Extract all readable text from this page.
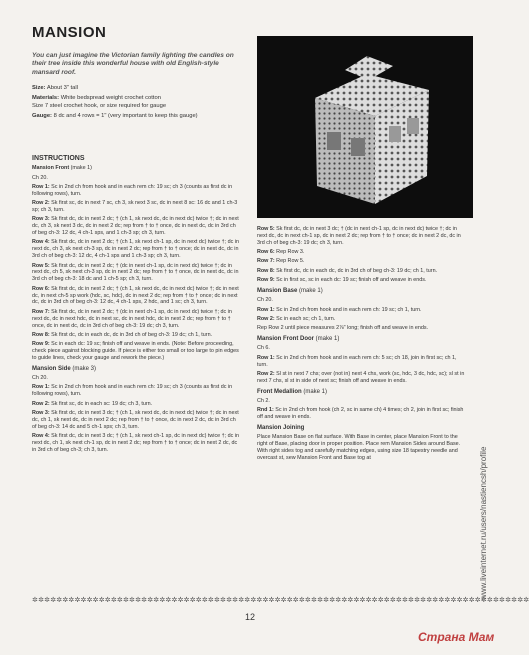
MANSION
You can just imagine the Victorian family lighting the candles on their tree inside this wonderful house with old English-style mansard roof.

Size: About 3" tall

Materials: White bedspread weight crochet cotton
Size 7 steel crochet hook, or size required for gauge

Gauge: 8 dc and 4 rows = 1" (very important to keep this gauge)

INSTRUCTIONS

Mansion Front (make 1)

Ch 20.

Row 1: Sc in 2nd ch from hook and in each rem ch: 19 sc; ch 3 (counts as first dc in following rows), turn.

Row 2: Sk first sc, dc in next 7 sc, ch 3, sk next 3 sc, dc in next 8 sc: 16 dc and 1 ch-3 sp; ch 3, turn.

Row 3: Sk first dc, dc in next 2 dc; † (ch 1, sk next dc, dc in next dc) twice †; dc in next dc, ch 3, sk next 3 dc, dc in next 2 dc; rep from † to † once, dc in next dc, dc in 3rd ch of beg ch-3: 12 dc, 4 ch-1 sps, and 1 ch-3 sp; ch 3, turn.

Row 4: Sk first dc, dc in next 2 dc; † (ch 1, sk next ch-1 sp, dc in next dc) twice †; dc in next dc, ch 3, sk next ch-3 sp, dc in next 2 dc; rep from † to † once; dc in next dc, dc in 3rd ch of beg ch-3: 12 dc, 4 ch-1 sps and 1 ch-3 sp; ch 3, turn.

Row 5: Sk first dc, dc in next 2 dc; † (dc in next ch-1 sp, dc in next dc) twice †; dc in next dc, ch 5, sk next ch-3 sp, dc in next 2 dc; rep from † to † once, dc in next dc, dc in 3rd ch of beg ch-3: 18 dc and 1 ch-5 sp; ch 3, turn.

Row 6: Sk first dc, dc in next 2 dc; † (ch 1, sk next dc, dc in next dc) twice †; dc in next dc, in next ch-5 sp work (hdc, sc, hdc), dc in next 2 dc; rep from † to † once; dc in next dc, dc in 3rd ch of beg ch-3: 12 dc, 4 ch-1 sps, 2 hdc, and 1 sc; ch 3, turn.

Row 7: Sk first dc, dc in next 2 dc; † (dc in next ch-1 sp, dc in next dc) twice †; dc in next dc, dc in next hdc, dc in next sc, dc in next hdc, dc in next 2 dc; rep from † to † once, dc in next dc, dc in 3rd ch of beg ch-3: 19 dc; ch 3, turn.

Row 8: Sk first dc, dc in each dc, dc in 3rd ch of beg ch-3: 19 dc; ch 1, turn.

Row 9: Sc in each dc: 19 sc; finish off and weave in ends. (Note: Before proceeding, check piece against blocking guide. If piece is either too small or too large to pin edges to guide lines, check your gauge and rework the piece.)

Mansion Side (make 3)

Ch 20.

Row 1: Sc in 2nd ch from hook and in each rem ch: 19 sc; ch 3 (counts as first dc in following rows), turn.

Row 2: Sk first sc, dc in each sc: 19 dc; ch 3, turn.

Row 3: Sk first dc, dc in next 3 dc; † (ch 1, sk next dc, dc in next dc) twice †; dc in next dc, ch 1, sk next dc, dc in next 2 dc; rep from † to † once, dc in next 2 dc, dc in 3rd ch of beg ch-3: 14 dc and 5 ch-1 sps; ch 3, turn.

Row 4: Sk first dc, dc in next 3 dc; † (ch 1, sk next ch-1 sp, dc in next dc) twice †; dc in next dc, ch 1, sk next ch-1 sp, dc in next 2 dc; rep from † to † once; dc in next 2 dc, dc in 3rd ch of beg ch-3; ch 3, turn.

Row 5: Sk first dc, dc in next 3 dc; † (dc in next ch-1 sp, dc in next dc) twice †; dc in next dc, dc in next ch-1 sp, dc in next 2 dc; rep from † to † once; dc in next 2 dc, dc in 3rd ch of beg ch-3: 19 dc; ch 3, turn.

Row 6: Rep Row 3.

Row 7: Rep Row 5.

Row 8: Sk first dc, dc in each dc, dc in 3rd ch of beg ch-3: 19 dc; ch 1, turn.

Row 9: Sc in first sc, sc in each dc: 19 sc; finish off and weave in ends.

Mansion Base (make 1)

Ch 20.

Row 1: Sc in 2nd ch from hook and in each rem ch: 19 sc; ch 1, turn.

Row 2: Sc in each sc; ch 1, turn.

Rep Row 2 until piece measures 2⅞" long; finish off and weave in ends.

Mansion Front Door (make 1)

Ch 6.

Row 1: Sc in 2nd ch from hook and in each rem ch: 5 sc; ch 18, join in first sc; ch 1, turn.

Row 2: Sl st in next 7 chs; over (not in) next 4 chs, work (sc, hdc, 3 dc, hdc, sc); sl st in next 7 chs, sl st in side of next sc; finish off and weave in ends.

Front Medallion (make 1)

Ch 2.

Rnd 1: Sc in 2nd ch from hook (ch 2, sc in same ch) 4 times; ch 2, join in first sc; finish off and weave in ends.

Mansion Joining

Place Mansion Base on flat surface. With Base in center, place Mansion Front to the right of Base, placing door in proper position. Place rem Mansion Sides around Base. With right sides tog and carefully matching edges, using size 18 tapestry needle and overcast st, sew Mansion Front and Base tog at

✲✲✲✲✲✲✲✲✲✲✲✲✲✲✲✲✲✲✲✲✲✲✲✲✲✲✲✲✲✲✲✲✲✲✲✲✲✲✲✲✲✲✲✲✲✲✲✲✲✲✲✲✲✲✲✲✲✲✲✲✲✲✲✲✲✲✲✲✲✲✲✲✲✲✲✲✲✲✲✲✲✲
12
www.liveinternet.ru/users/nastiencsh/profile
Страна Мам
